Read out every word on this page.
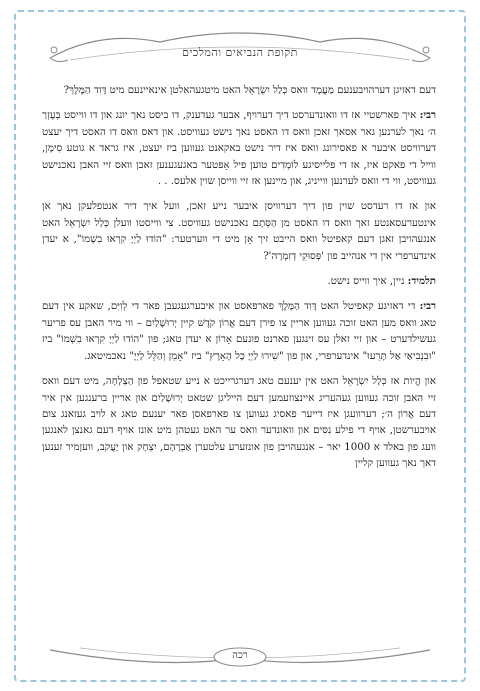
תקופת הנביאים והמלכים

דעם דאזיגן דערהויבענעם מַעֲמָד וואס כְּלַל יִשְׂרָאֵל האט מיטגעהאלטן אינאיינעם מיט דָּוִד הַמֶּלֶךְ?

רבי: איך פארשטיי אז דו וואונדערסט דיך דערויף, אבער געדענק, דו ביסט נאך יונג און דו ווייסט בְּעֶזְרַ ה׳ נאך לערנען גאר אסאך זאכן וואס דו האסט נאך נישט געוויסט. און דאס וואס דו האסט דיך יעצט דערוויסט איבער א פאסירונג וואס איז דיר נישט באקאנט געווען ביז יעצט, איז גראד א גוטע סִימָן, ווייל די פאקט איז, אז די פלייסיגע לוֹמְדִים טוען פיל אָפטער באגעגענען זאכן וואס זיי האבן נאכנישט געוויסט, ווי די וואס לערנען ווייניג, און מיינען אז זיי ווייסן שוין אלעס. . .

און אז דו רעדסט שוין פון דיך דערוויסן איבער נייע זאכן, וועל איך דיר אנטפלעקן נאך אן אינטערעסאנטע זאך וואס דו האסט מן הַסְּתָם נאכנישט געוויסט. צי ווייסטו וועלן כְּלַל יִשְׂרָאֵל האט אנגעהויבן זאגן דעם קאפיטל וואס הייבט זיך אָן מיט די ווערטער: "הוֹדוּ לַיְיָ קִרְאוּ בִשְׁמוֹ", א יעדן אינדערפרי אין די אנהייב פון 'פְּסוּקֵי דְזִמְרָה'?

תלמיד: ניין, איך ווייס נישט.

רבי: די דאזיגע קאפיטל האט דָּוִד הַמֶּלֶךְ פארפאסט און איבערגעגעבן פאר די לְוִיִּם, שאקע אין דעם טאג וואס מען האט זוכה געווען אריין צו פירן דעם אֲרוֹן קֹדֶשׁ קיין יְרוּשָׁלַיִם – ווי מיר האבן עס פריער געשילדערט – און זיי זאלן עס זינגען פארנט פונעם אָרוֹן א יעדן טאג; פון "הוֹדוּ לַיְיָ קִרְאוּ בִשְׁמוֹ" ביז "וּבִנְבִיאַי אַל תָּרֵעוּ" אינדערפרי, און פון "שִׁירוּ לַיְיָ כָּל הָאָרֶץ" ביז "אָמֵן וְהַלֵּל לַיְיָ" נאכמיטאג.

און הֱיוֹת אז כְּלַל יִשְׂרָאֵל האט אין יענעם טאג דערגרייכט א נייע שטאפל פון הַצְלָחָה, מיט דעם וואס זיי האבן זוכה געווען געהעריג איינצוזעמען דעם הייליגן שטאט יְרוּשָׁלַיִם און אריין ברענגען אין איר דעם אֲרוֹן ה׳; דערוועגן איז דייער פאסיג געווען צו פארפאסן פאר יענעם טאג א לויב געזאנג צום אויבערשטן, אויף די פילע נִסִּים און וואונדער וואס ער האט געטהן מיט אונז אויף דעם גאנצן לאנגען וועג פון באלד א 1000 יאר – אנגעהויבן פון אונזערע עלטערן אַבְרָהָם, יִצְחָק און יַעֲקֹב, וועןמיר זענען דאך נאך געווען קליין

רכה
